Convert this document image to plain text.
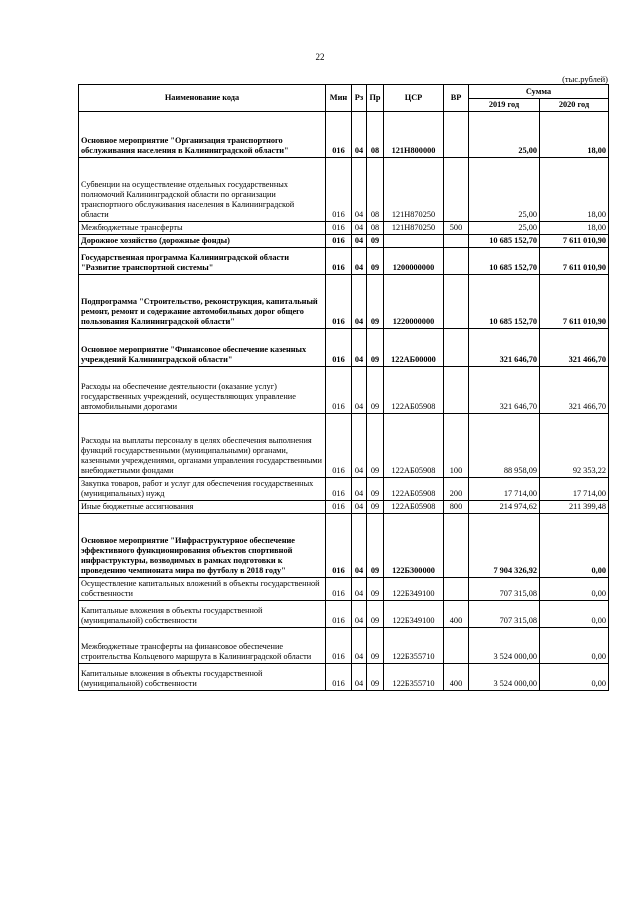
22
(тыс.рублей)
Наименование кода	Мин	Рз	Пр	ЦСР	ВР	Сумма	
						2019 год	2020 год
Основное мероприятие "Организация транспортного обслуживания населения в Калининградской области"	016	04	08	121Н800000		25,00	18,00
Субвенции на осуществление отдельных государственных полномочий Калининградской области по организации транспортного обслуживания населения в Калининградской области	016	04	08	121Н870250		25,00	18,00
Межбюджетные трансферты	016	04	08	121Н870250	500	25,00	18,00
Дорожное хозяйство (дорожные фонды)	016	04	09			10 685 152,70	7 611 010,90
Государственная программа Калининградской области "Развитие транспортной системы"	016	04	09	1200000000		10 685 152,70	7 611 010,90
Подпрограмма "Строительство, реконструкция, капитальный ремонт, ремонт и содержание автомобильных дорог общего пользования Калининградской области"	016	04	09	1220000000		10 685 152,70	7 611 010,90
Основное мероприятие "Финансовое обеспечение казенных учреждений Калининградской области"	016	04	09	122АБ00000		321 646,70	321 466,70
Расходы на обеспечение деятельности (оказание услуг) государственных учреждений, осуществляющих управление автомобильными дорогами	016	04	09	122АБ05908		321 646,70	321 466,70
Расходы на выплаты персоналу в целях обеспечения выполнения функций государственными (муниципальными) органами, казенными учреждениями, органами управления государственными внебюджетными фондами	016	04	09	122АБ05908	100	88 958,09	92 353,22
Закупка товаров, работ и услуг для обеспечения государственных (муниципальных) нужд	016	04	09	122АБ05908	200	17 714,00	17 714,00
Иные бюджетные ассигнования	016	04	09	122АБ05908	800	214 974,62	211 399,48
Основное мероприятие "Инфраструктурное обеспечение эффективного функционирования объектов спортивной инфраструктуры, возводимых в рамках подготовки к проведению чемпионата мира по футболу в 2018 году"	016	04	09	122Б300000		7 904 326,92	0,00
Осуществление капитальных вложений в объекты государственной собственности	016	04	09	122Б349100		707 315,08	0,00
Капитальные вложения в объекты государственной (муниципальной) собственности	016	04	09	122Б349100	400	707 315,08	0,00
Межбюджетные трансферты на финансовое обеспечение строительства Кольцевого маршрута в Калининградской области	016	04	09	122Б355710		3 524 000,00	0,00
Капитальные вложения в объекты государственной (муниципальной) собственности	016	04	09	122Б355710	400	3 524 000,00	0,00
